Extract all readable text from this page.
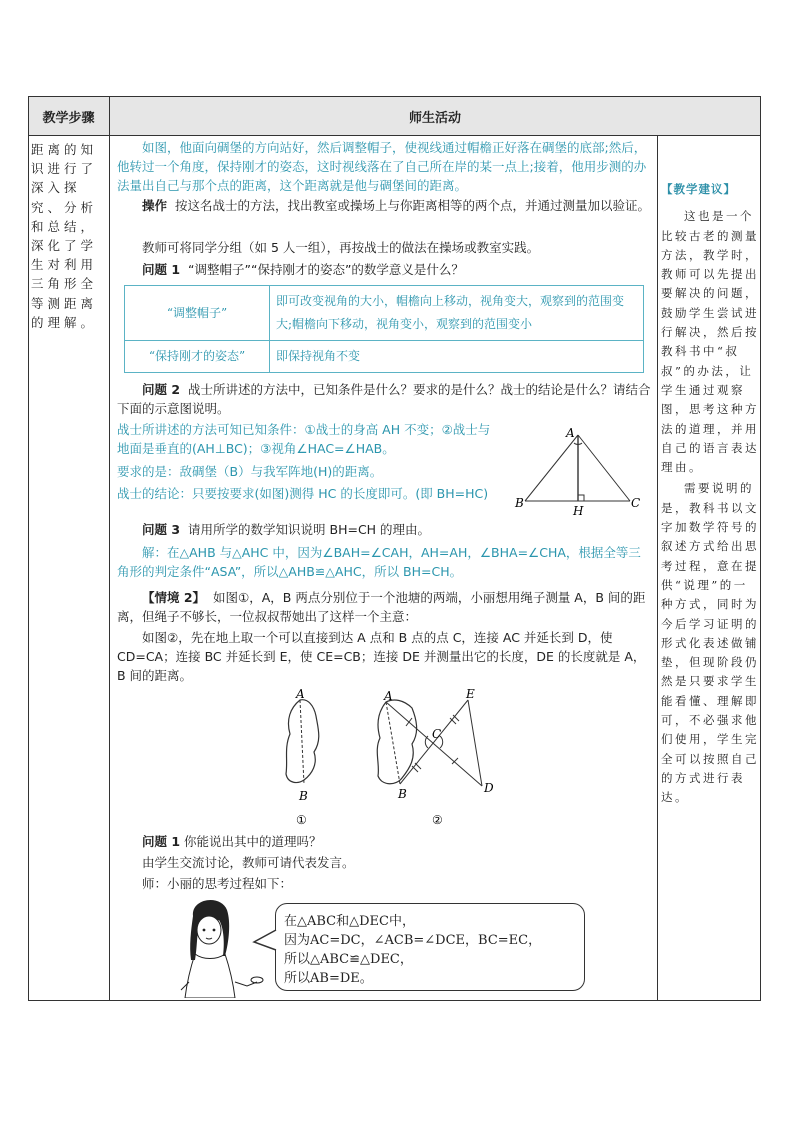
教学步骤	师生活动
距离的知识进行了深入探究、分析和总结，深化了学生对利用三角形全等测距离的理解。
【教学建议】

这也是一个比较古老的测量方法，教学时，教师可以先提出要解决的问题，鼓励学生尝试进行解决，然后按教科书中“叔叔”的办法，让学生通过观察图，思考这种方法的道理，并用自己的语言表达理由。

需要说明的是，教科书以文字加数学符号的叙述方式给出思考过程，意在提供“说理”的一种方式，同时为今后学习证明的形式化表述做铺垫，但现阶段仍然是只要求学生能看懂、理解即可，不必强求他们使用，学生完全可以按照自己的方式进行表达。

如图，他面向碉堡的方向站好，然后调整帽子，使视线通过帽檐正好落在碉堡的底部;然后，他转过一个角度，保持刚才的姿态，这时视线落在了自己所在岸的某一点上;接着，他用步测的办法量出自己与那个点的距离，这个距离就是他与碉堡间的距离。
操作 按这名战士的方法，找出教室或操场上与你距离相等的两个点，并通过测量加以验证。
教师可将同学分组（如 5 人一组），再按战士的做法在操场或教室实践。
问题 1 “调整帽子”“保持刚才的姿态”的数学意义是什么？
“调整帽子”	即可改变视角的大小，帽檐向上移动，视角变大，观察到的范围变大;帽檐向下移动，视角变小，观察到的范围变小
“保持刚才的姿态”	即保持视角不变
问题 2 战士所讲述的方法中，已知条件是什么？要求的是什么？战士的结论是什么？请结合下面的示意图说明。
战士所讲述的方法可知已知条件：①战士的身高 AH 不变；②战士与地面是垂直的(AH⊥BC)；③视角∠HAC=∠HAB。
要求的是：敌碉堡（B）与我军阵地(H)的距离。
战士的结论：只要按要求(如图)测得 HC 的长度即可。(即 BH=HC)
A
B
H
C
问题 3 请用所学的数学知识说明 BH=CH 的理由。
解：在△AHB 与△AHC 中，因为∠BAH=∠CAH，AH=AH，∠BHA=∠CHA，根据全等三角形的判定条件“ASA”，所以△AHB≌△AHC，所以 BH=CH。
【情境 2】 如图①，A，B 两点分别位于一个池塘的两端，小丽想用绳子测量 A，B 间的距离，但绳子不够长，一位叔叔帮她出了这样一个主意：
如图②，先在地上取一个可以直接到达 A 点和 B 点的点 C，连接 AC 并延长到 D，使 CD=CA；连接 BC 并延长到 E，使 CE=CB；连接 DE 并测量出它的长度，DE 的长度就是 A，B 间的距离。
A
B
①
A
B
C
D
E
②
问题 1 你能说出其中的道理吗？
由学生交流讨论，教师可请代表发言。
师：小丽的思考过程如下：
在△ABC和△DEC中，
因为AC=DC，∠ACB=∠DCE，BC=EC，
所以△ABC≌△DEC，
所以AB=DE。
